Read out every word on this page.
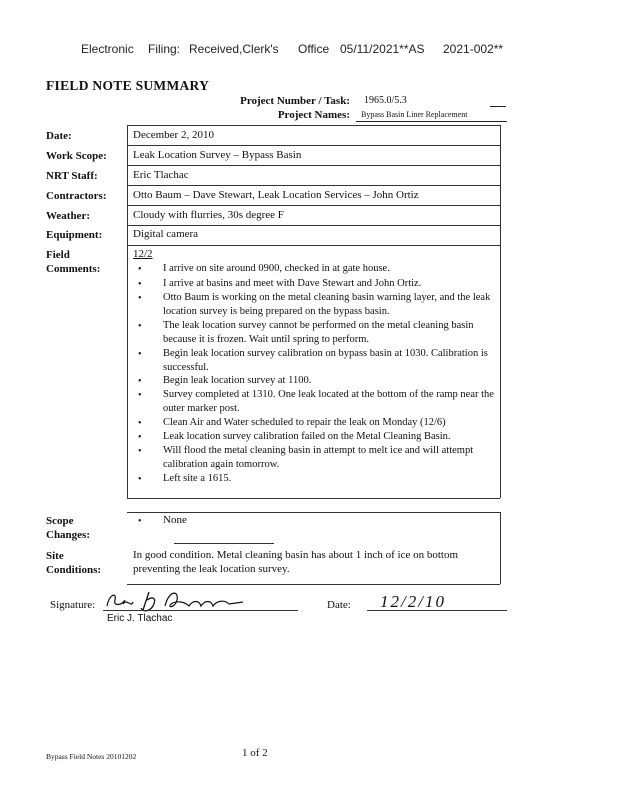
Electronic Filing: Received,Clerk's Office 05/11/2021**AS 2021-002**
FIELD NOTE SUMMARY
Project Number / Task: 1965.0/5.3
Project Names: Bypass Basin Liner Replacement
Date:
Work Scope:
NRT Staff:
Contractors:
Weather:
Equipment:
Field
Comments:
December 2, 2010
Leak Location Survey – Bypass Basin
Eric Tlachac
Otto Baum – Dave Stewart, Leak Location Services – John Ortiz
Cloudy with flurries, 30s degree F
Digital camera
12/2
• I arrive on site around 0900, checked in at gate house.
• I arrive at basins and meet with Dave Stewart and John Ortiz.
• Otto Baum is working on the metal cleaning basin warning layer, and the leak location survey is being prepared on the bypass basin.
• The leak location survey cannot be performed on the metal cleaning basin because it is frozen. Wait until spring to perform.
• Begin leak location survey calibration on bypass basin at 1030. Calibration is successful.
• Begin leak location survey at 1100.
• Survey completed at 1310. One leak located at the bottom of the ramp near the outer marker post.
• Clean Air and Water scheduled to repair the leak on Monday (12/6)
• Leak location survey calibration failed on the Metal Cleaning Basin.
• Will flood the metal cleaning basin in attempt to melt ice and will attempt calibration again tomorrow.
• Left site a 1615.
Scope
Changes:
• None
Site
Conditions:
In good condition. Metal cleaning basin has about 1 inch of ice on bottom
preventing the leak location survey.
Signature:
Eric J. Tlachac
Date: 12/2/10
Bypass Field Notes 20101202	1 of 2
